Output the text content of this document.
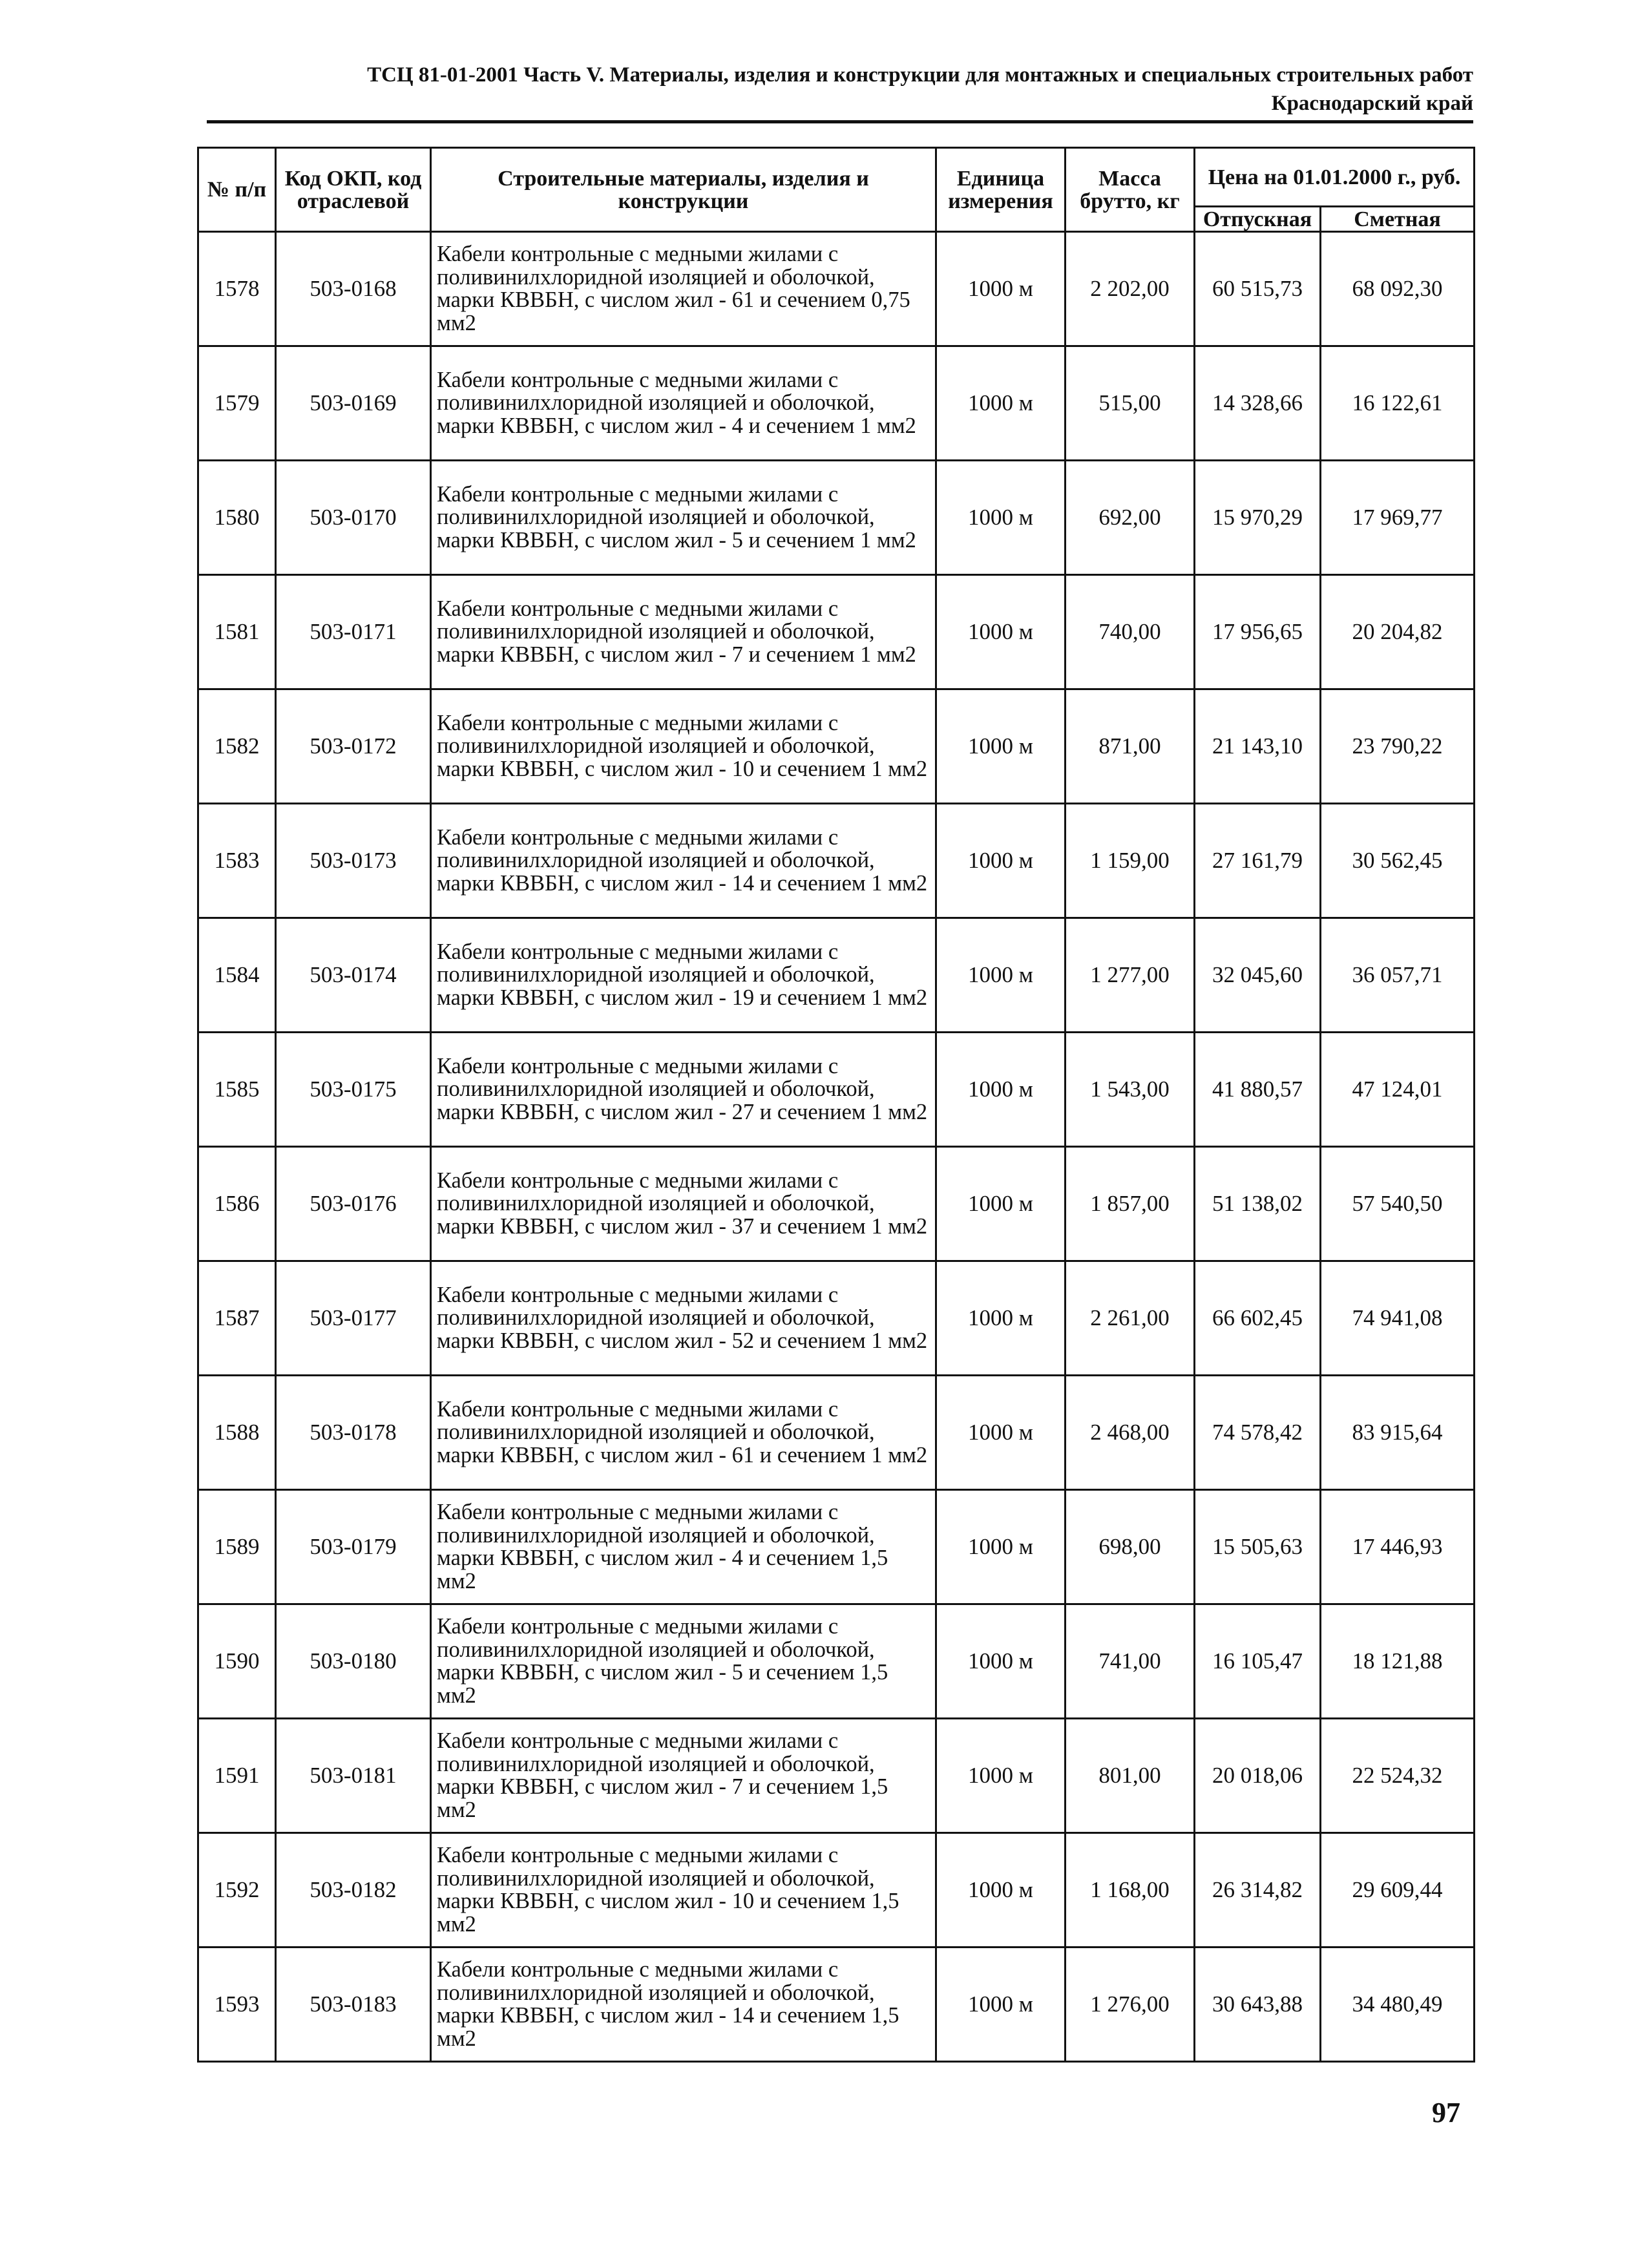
ТСЦ 81-01-2001 Часть V. Материалы, изделия и конструкции для монтажных и специальных строительных работ
Краснодарский край
№ п/п	Код ОКП, код отраслевой	Строительные материалы, изделия и конструкции	Единица измерения	Масса брутто, кг	Цена на 01.01.2000 г., руб.	
					Отпускная	Сметная
1578	503-0168	Кабели контрольные с медными жилами с поливинилхлоридной изоляцией и оболочкой, марки КВВБН, с числом жил - 61 и сечением 0,75 мм2	1000 м	2 202,00	60 515,73	68 092,30
1579	503-0169	Кабели контрольные с медными жилами с поливинилхлоридной изоляцией и оболочкой, марки КВВБН, с числом жил - 4 и сечением 1 мм2	1000 м	515,00	14 328,66	16 122,61
1580	503-0170	Кабели контрольные с медными жилами с поливинилхлоридной изоляцией и оболочкой, марки КВВБН, с числом жил - 5 и сечением 1 мм2	1000 м	692,00	15 970,29	17 969,77
1581	503-0171	Кабели контрольные с медными жилами с поливинилхлоридной изоляцией и оболочкой, марки КВВБН, с числом жил - 7 и сечением 1 мм2	1000 м	740,00	17 956,65	20 204,82
1582	503-0172	Кабели контрольные с медными жилами с поливинилхлоридной изоляцией и оболочкой, марки КВВБН, с числом жил - 10 и сечением 1 мм2	1000 м	871,00	21 143,10	23 790,22
1583	503-0173	Кабели контрольные с медными жилами с поливинилхлоридной изоляцией и оболочкой, марки КВВБН, с числом жил - 14 и сечением 1 мм2	1000 м	1 159,00	27 161,79	30 562,45
1584	503-0174	Кабели контрольные с медными жилами с поливинилхлоридной изоляцией и оболочкой, марки КВВБН, с числом жил - 19 и сечением 1 мм2	1000 м	1 277,00	32 045,60	36 057,71
1585	503-0175	Кабели контрольные с медными жилами с поливинилхлоридной изоляцией и оболочкой, марки КВВБН, с числом жил - 27 и сечением 1 мм2	1000 м	1 543,00	41 880,57	47 124,01
1586	503-0176	Кабели контрольные с медными жилами с поливинилхлоридной изоляцией и оболочкой, марки КВВБН, с числом жил - 37 и сечением 1 мм2	1000 м	1 857,00	51 138,02	57 540,50
1587	503-0177	Кабели контрольные с медными жилами с поливинилхлоридной изоляцией и оболочкой, марки КВВБН, с числом жил - 52 и сечением 1 мм2	1000 м	2 261,00	66 602,45	74 941,08
1588	503-0178	Кабели контрольные с медными жилами с поливинилхлоридной изоляцией и оболочкой, марки КВВБН, с числом жил - 61 и сечением 1 мм2	1000 м	2 468,00	74 578,42	83 915,64
1589	503-0179	Кабели контрольные с медными жилами с поливинилхлоридной изоляцией и оболочкой, марки КВВБН, с числом жил - 4 и сечением 1,5 мм2	1000 м	698,00	15 505,63	17 446,93
1590	503-0180	Кабели контрольные с медными жилами с поливинилхлоридной изоляцией и оболочкой, марки КВВБН, с числом жил - 5 и сечением 1,5 мм2	1000 м	741,00	16 105,47	18 121,88
1591	503-0181	Кабели контрольные с медными жилами с поливинилхлоридной изоляцией и оболочкой, марки КВВБН, с числом жил - 7 и сечением 1,5 мм2	1000 м	801,00	20 018,06	22 524,32
1592	503-0182	Кабели контрольные с медными жилами с поливинилхлоридной изоляцией и оболочкой, марки КВВБН, с числом жил - 10 и сечением 1,5 мм2	1000 м	1 168,00	26 314,82	29 609,44
1593	503-0183	Кабели контрольные с медными жилами с поливинилхлоридной изоляцией и оболочкой, марки КВВБН, с числом жил - 14 и сечением 1,5 мм2	1000 м	1 276,00	30 643,88	34 480,49
97
